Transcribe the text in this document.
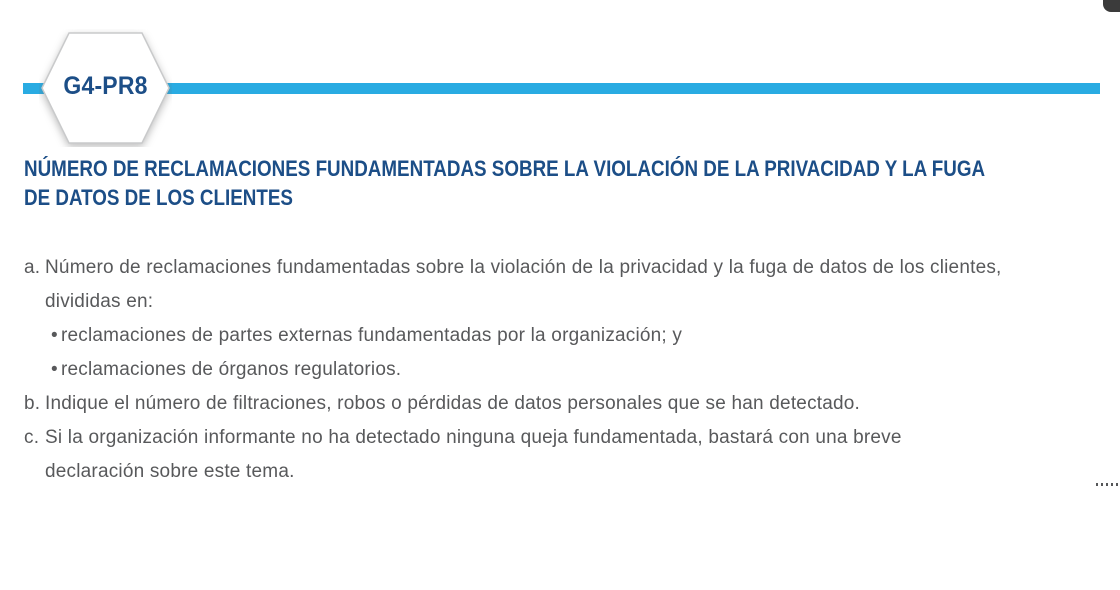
G4-PR8
NÚMERO DE RECLAMACIONES FUNDAMENTADAS SOBRE LA VIOLACIÓN DE LA PRIVACIDAD Y LA FUGA
DE DATOS DE LOS CLIENTES
a. Número de reclamaciones fundamentadas sobre la violación de la privacidad y la fuga de datos de los clientes,
divididas en:
• reclamaciones de partes externas fundamentadas por la organización; y
• reclamaciones de órganos regulatorios.
b. Indique el número de filtraciones, robos o pérdidas de datos personales que se han detectado.
c. Si la organización informante no ha detectado ninguna queja fundamentada, bastará con una breve
declaración sobre este tema.
